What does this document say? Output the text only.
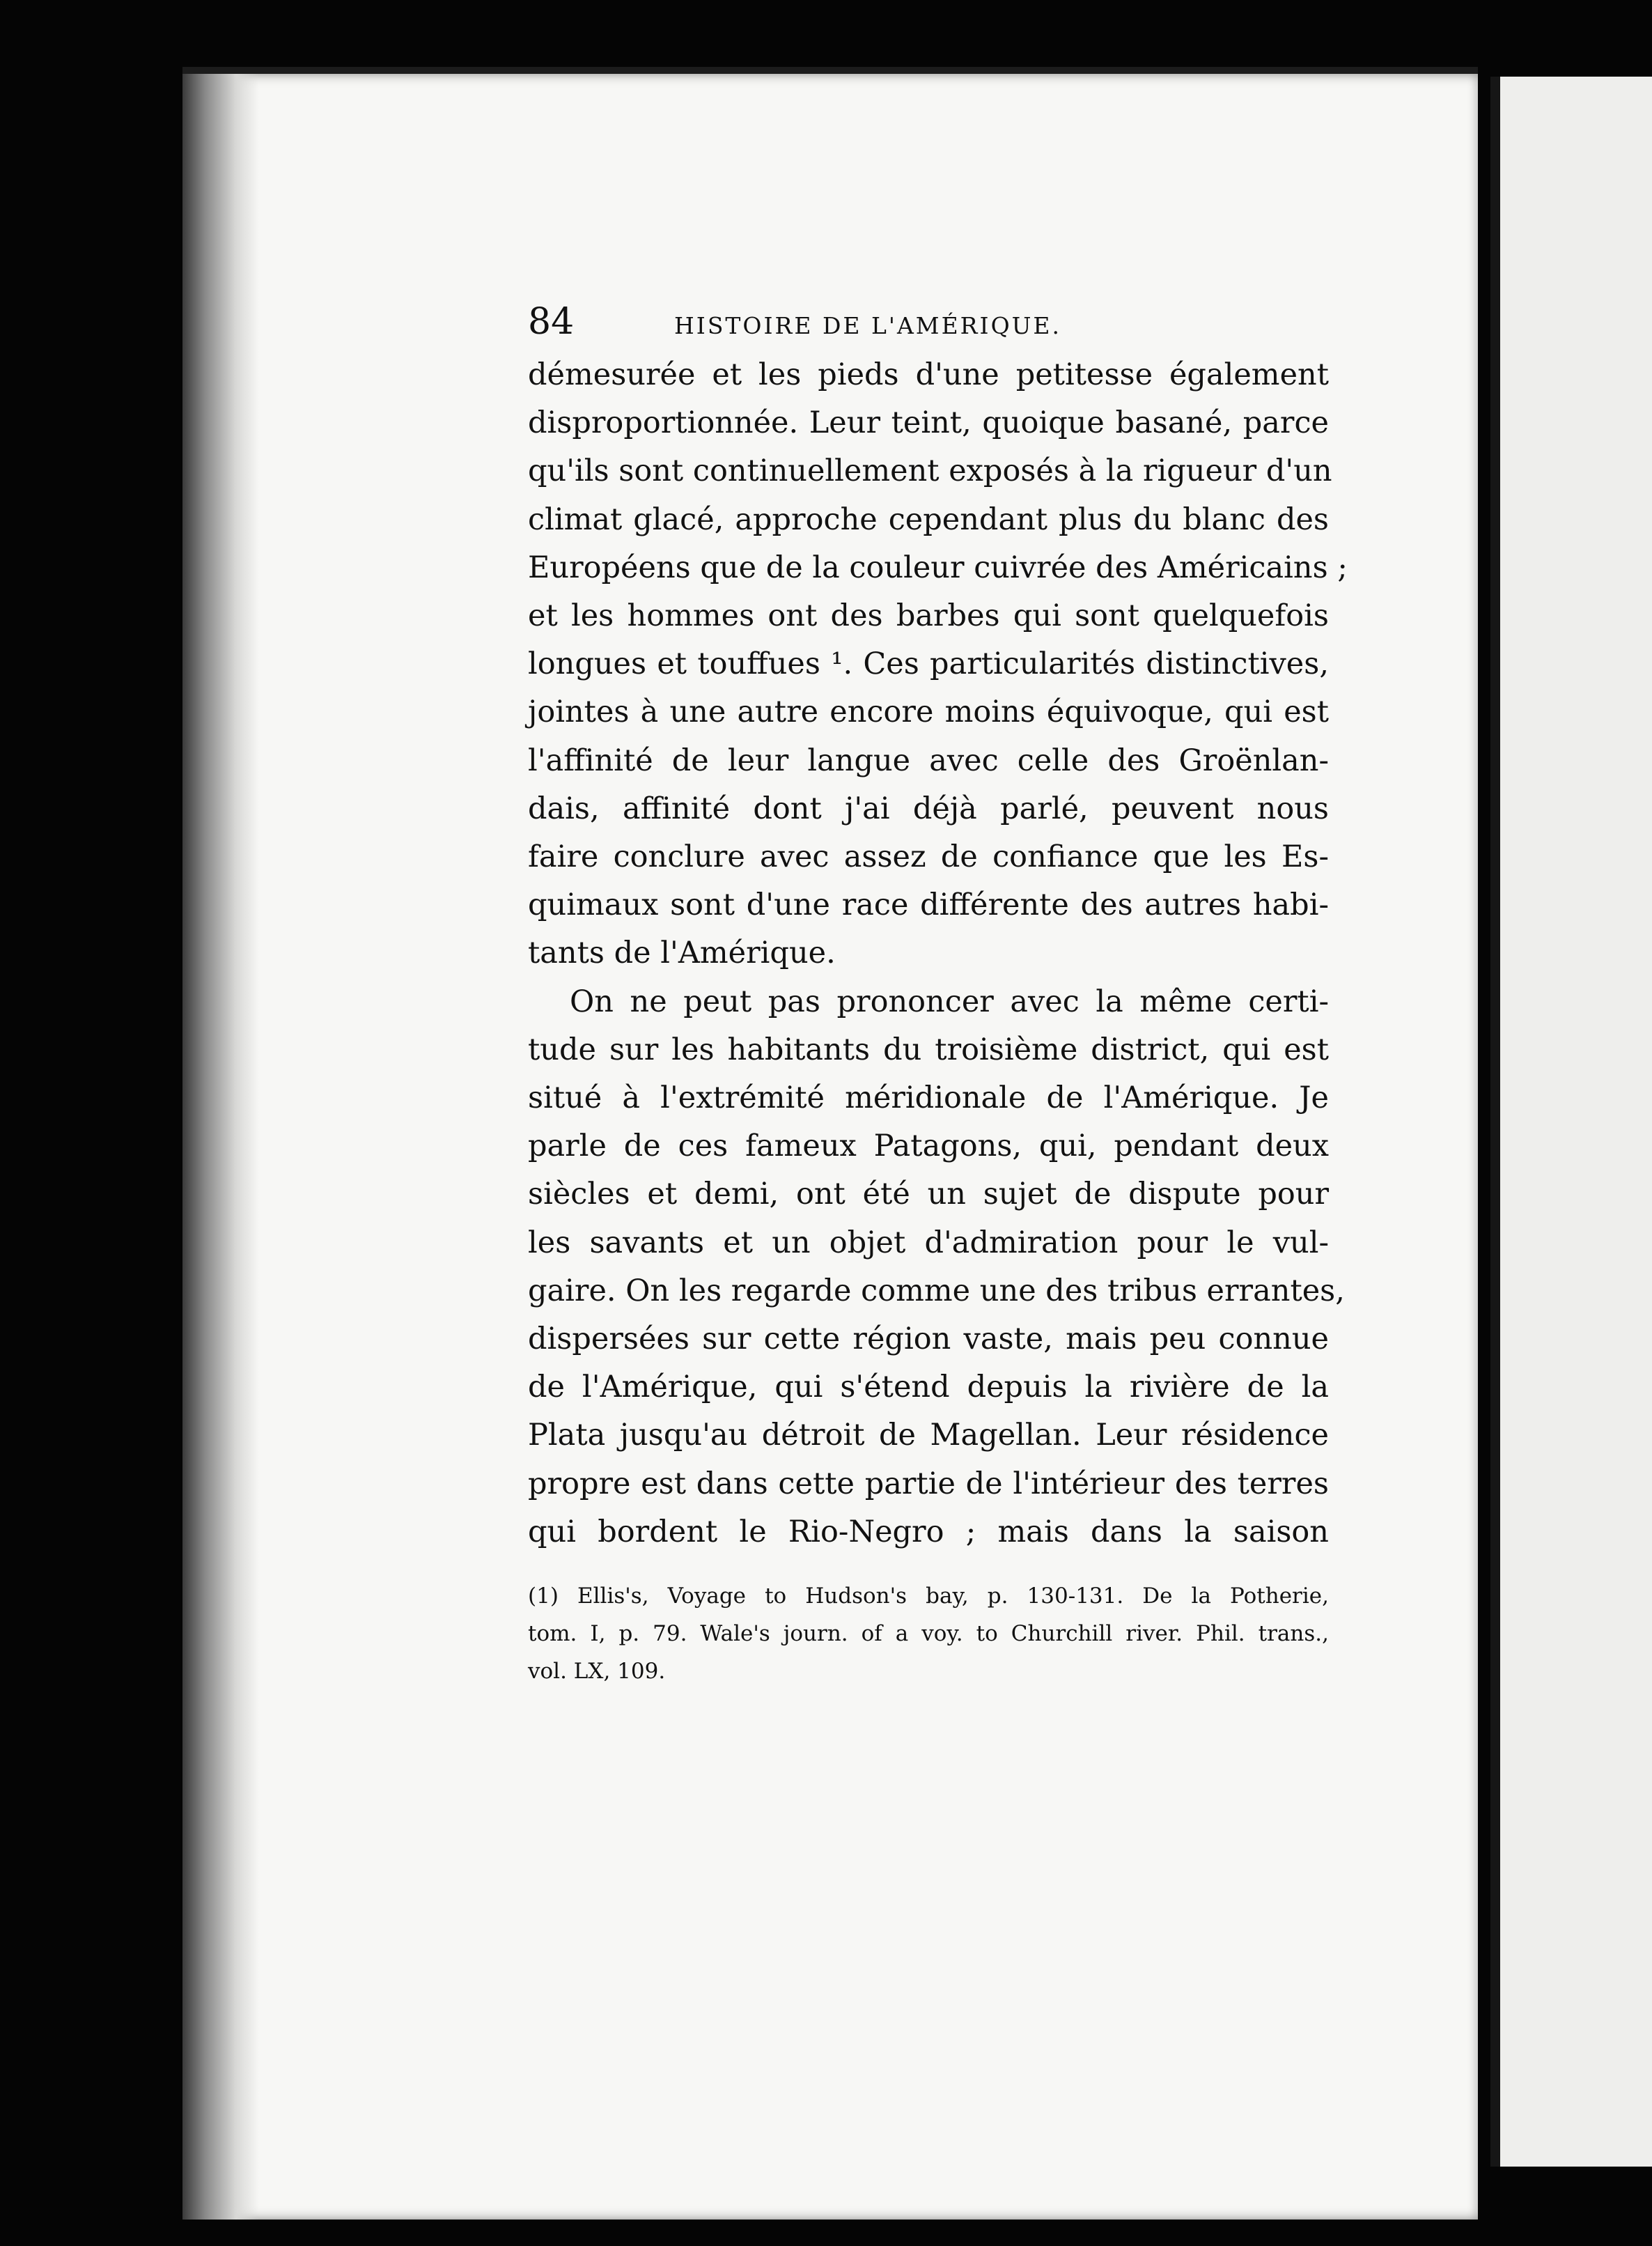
84	HISTOIRE DE L'AMÉRIQUE.
démesurée et les pieds d'une petitesse également
disproportionnée. Leur teint, quoique basané, parce
qu'ils sont continuellement exposés à la rigueur d'un
climat glacé, approche cependant plus du blanc des
Européens que de la couleur cuivrée des Américains ;
et les hommes ont des barbes qui sont quelquefois
longues et touffues ¹. Ces particularités distinctives,
jointes à une autre encore moins équivoque, qui est
l'affinité de leur langue avec celle des Groënlan-
dais, affinité dont j'ai déjà parlé, peuvent nous
faire conclure avec assez de confiance que les Es-
quimaux sont d'une race différente des autres habi-
tants de l'Amérique.
On ne peut pas prononcer avec la même certi-
tude sur les habitants du troisième district, qui est
situé à l'extrémité méridionale de l'Amérique. Je
parle de ces fameux Patagons, qui, pendant deux
siècles et demi, ont été un sujet de dispute pour
les savants et un objet d'admiration pour le vul-
gaire. On les regarde comme une des tribus errantes,
dispersées sur cette région vaste, mais peu connue
de l'Amérique, qui s'étend depuis la rivière de la
Plata jusqu'au détroit de Magellan. Leur résidence
propre est dans cette partie de l'intérieur des terres
qui bordent le Rio-Negro ; mais dans la saison
(1) Ellis's, Voyage to Hudson's bay, p. 130-131. De la Potherie,
tom. I, p. 79. Wale's journ. of a voy. to Churchill river. Phil. trans.,
vol. LX, 109.
